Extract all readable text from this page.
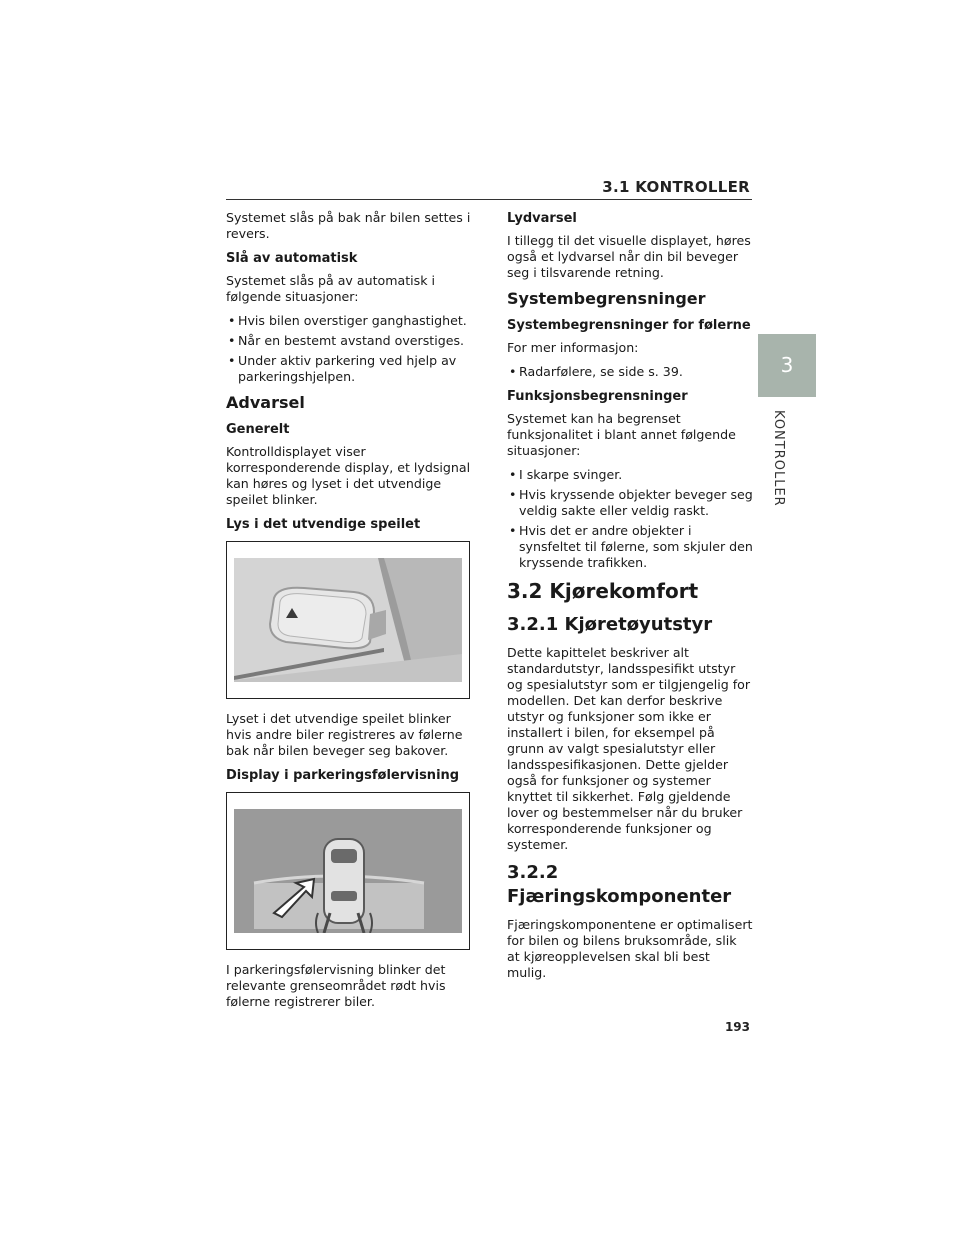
3.1 KONTROLLER

Systemet slås på bak når bilen settes i revers.

Slå av automatisk

Systemet slås på av automatisk i følgende situasjoner:

• Hvis bilen overstiger ganghastighet.
• Når en bestemt avstand overstiges.
• Under aktiv parkering ved hjelp av parkeringshjelpen.
Advarsel
Generelt

Kontrolldisplayet viser korresponderende display, et lydsignal kan høres og lyset i det utvendige speilet blinker.

Lys i det utvendige speilet

Lyset i det utvendige speilet blinker hvis andre biler registreres av følerne bak når bilen beveger seg bakover.

Display i parkeringsfølervisning

I parkeringsfølervisning blinker det relevante grenseområdet rødt hvis følerne registrerer biler.

Lydvarsel

I tillegg til det visuelle displayet, høres også et lydvarsel når din bil beveger seg i tilsvarende retning.

Systembegrensninger
Systembegrensninger for følerne

For mer informasjon:

• Radarfølere, se side s. 39.
Funksjonsbegrensninger

Systemet kan ha begrenset funksjonalitet i blant annet følgende situasjoner:

• I skarpe svinger.
• Hvis kryssende objekter beveger seg veldig sakte eller veldig raskt.
• Hvis det er andre objekter i synsfeltet til følerne, som skjuler den kryssende trafikken.
3.2 Kjørekomfort
3.2.1 Kjøretøyutstyr

Dette kapittelet beskriver alt standardutstyr, landsspesifikt utstyr og spesialutstyr som er tilgjengelig for modellen. Det kan derfor beskrive utstyr og funksjoner som ikke er installert i bilen, for eksempel på grunn av valgt spesialutstyr eller landsspesifikasjonen. Dette gjelder også for funksjoner og systemer knyttet til sikkerhet. Følg gjeldende lover og bestemmelser når du bruker korresponderende funksjoner og systemer.

3.2.2 Fjæringskomponenter

Fjæringskomponentene er optimalisert for bilen og bilens bruksområde, slik at kjøreopplevelsen skal bli best mulig.

3
KONTROLLER
193
